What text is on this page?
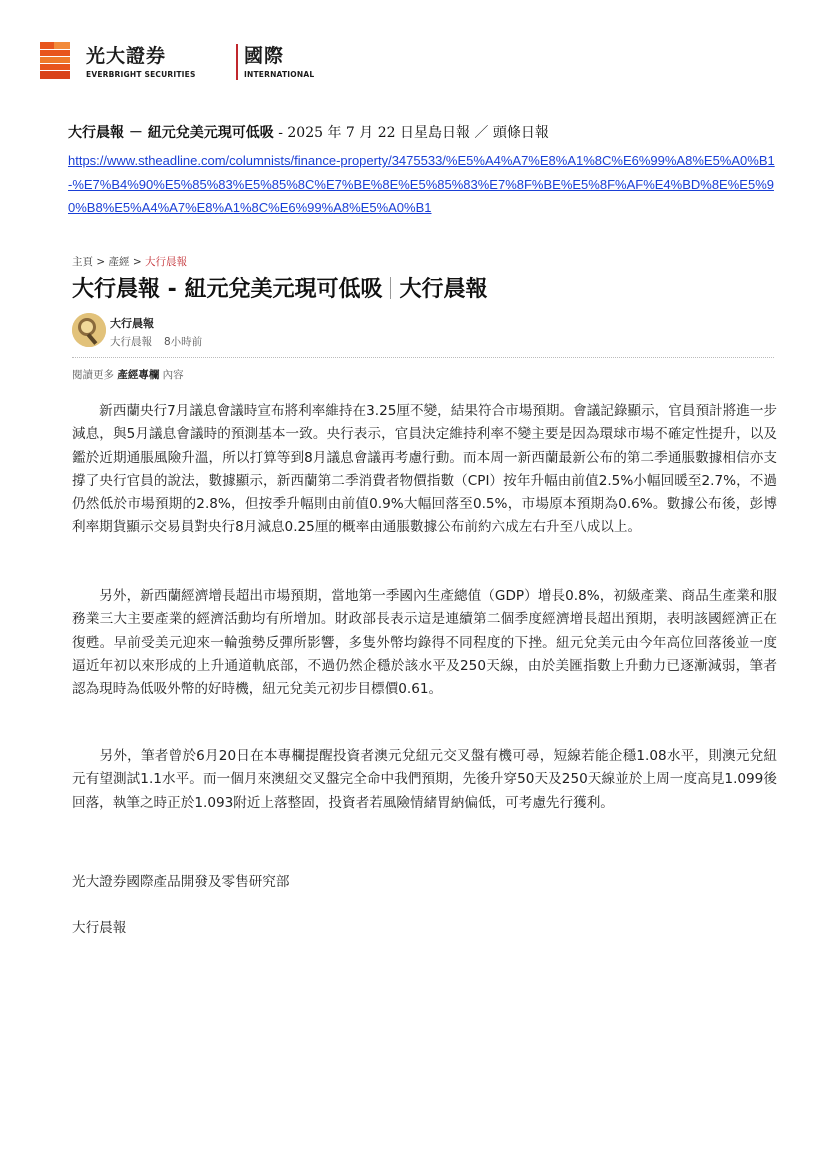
光大證券	國際
EVERBRIGHT SECURITIES	INTERNATIONAL
大行晨報 － 紐元兌美元現可低吸 - 2025 年 7 月 22 日星島日報 ／ 頭條日報
https://www.stheadline.com/columnists/finance-property/3475533/%E5%A4%A7%E8%A1%8C%E6%99%A8%E5%A0%B1-%E7%B4%90%E5%85%83%E5%85%8C%E7%BE%8E%E5%85%83%E7%8F%BE%E5%8F%AF%E4%BD%8E%E5%90%B8%E5%A4%A7%E8%A1%8C%E6%99%A8%E5%A0%B1
主頁 > 產經 > 大行晨報
大行晨報 - 紐元兌美元現可低吸 大行晨報
大行晨報
大行晨報 8小時前
閱讀更多 產經專欄 內容

　　新西蘭央行7月議息會議時宣布將利率維持在3.25厘不變，結果符合市場預期。會議記錄顯示，官員預計將進一步減息，與5月議息會議時的預測基本一致。央行表示，官員決定維持利率不變主要是因為環球市場不確定性提升，以及鑑於近期通脹風險升溫，所以打算等到8月議息會議再考慮行動。而本周一新西蘭最新公布的第二季通脹數據相信亦支撐了央行官員的說法，數據顯示，新西蘭第二季消費者物價指數（CPI）按年升幅由前值2.5%小幅回暖至2.7%，不過仍然低於市場預期的2.8%，但按季升幅則由前值0.9%大幅回落至0.5%，市場原本預期為0.6%。數據公布後，彭博利率期貨顯示交易員對央行8月減息0.25厘的概率由通脹數據公布前約六成左右升至八成以上。

　　另外，新西蘭經濟增長超出市場預期，當地第一季國內生產總值（GDP）增長0.8%，初級產業、商品生產業和服務業三大主要產業的經濟活動均有所增加。財政部長表示這是連續第二個季度經濟增長超出預期，表明該國經濟正在復甦。早前受美元迎來一輪強勢反彈所影響，多隻外幣均錄得不同程度的下挫。紐元兌美元由今年高位回落後並一度逼近年初以來形成的上升通道軌底部，不過仍然企穩於該水平及250天線，由於美匯指數上升動力已逐漸減弱，筆者認為現時為低吸外幣的好時機，紐元兌美元初步目標價0.61。

　　另外，筆者曾於6月20日在本專欄提醒投資者澳元兌紐元交叉盤有機可尋，短線若能企穩1.08水平，則澳元兌紐元有望測試1.1水平。而一個月來澳紐交叉盤完全命中我們預期，先後升穿50天及250天線並於上周一度高見1.099後回落，執筆之時正於1.093附近上落整固，投資者若風險情緒胃納偏低，可考慮先行獲利。

光大證券國際產品開發及零售研究部
大行晨報
